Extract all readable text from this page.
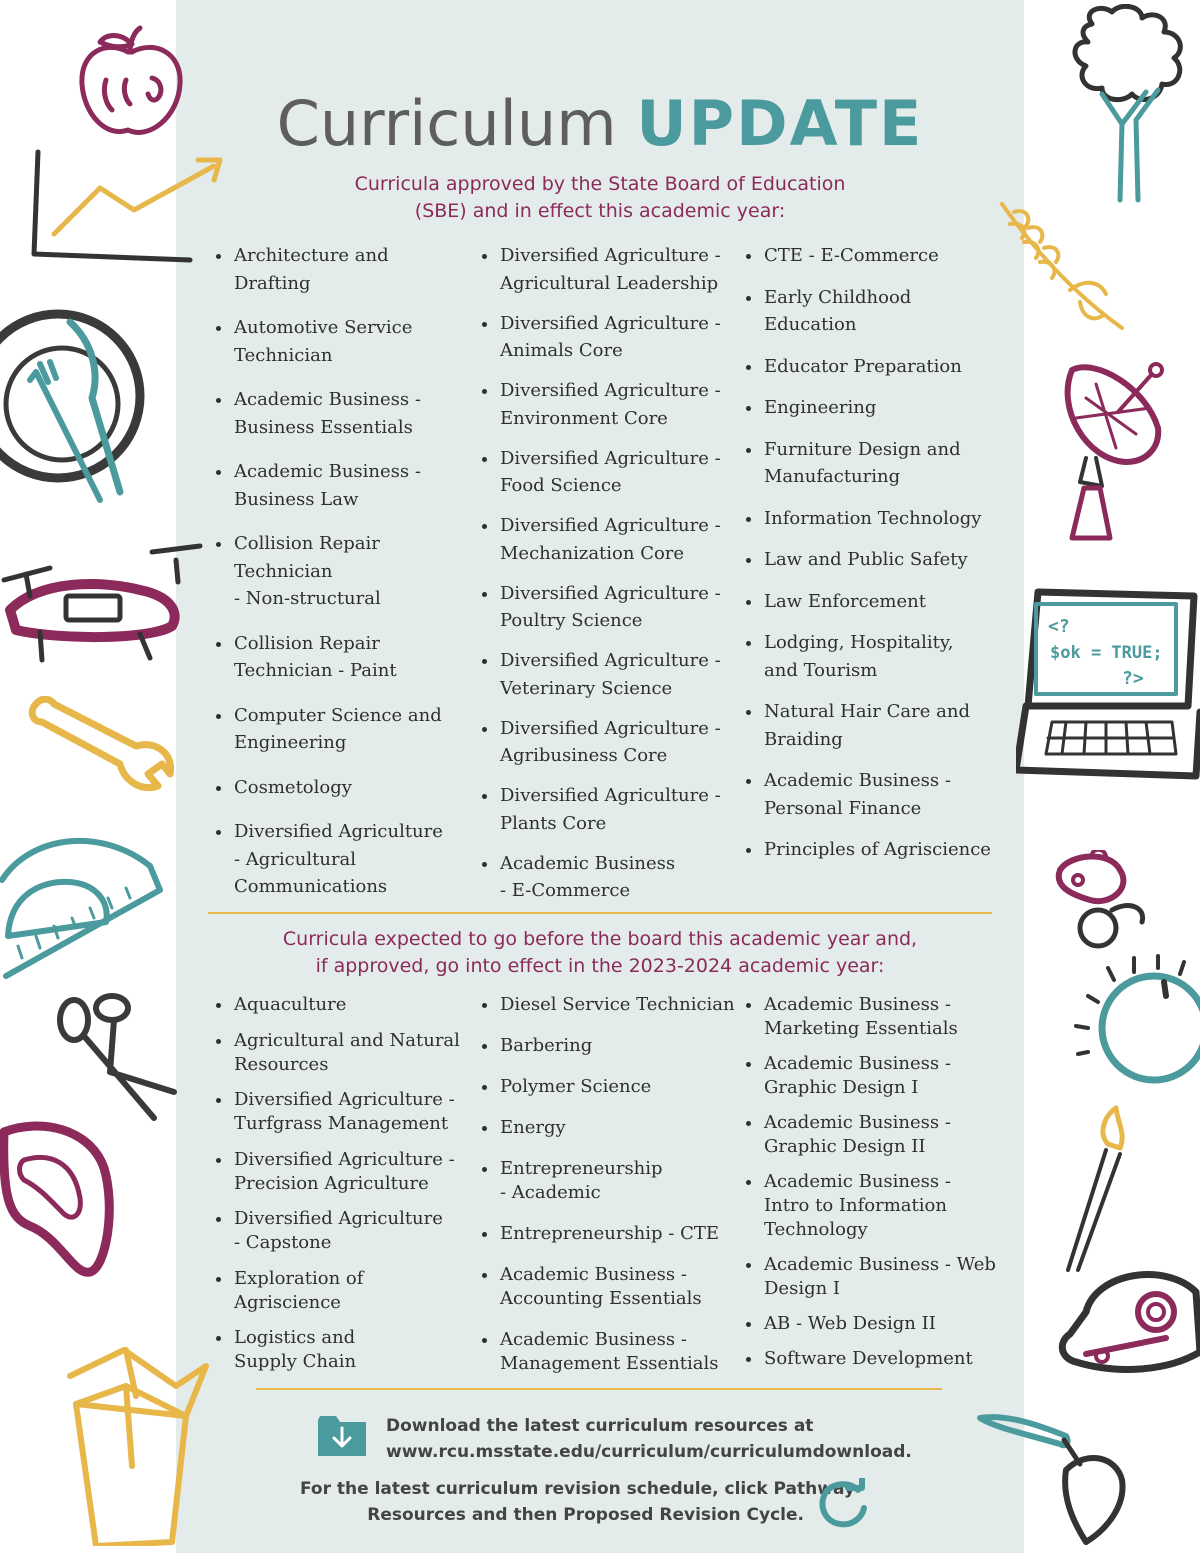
<?
$ok = TRUE;
?>
Curriculum UPDATE
Curricula approved by the State Board of Education
(SBE) and in effect this academic year:
Architecture and
Drafting
Automotive Service
Technician
Academic Business -
Business Essentials
Academic Business -
Business Law
Collision Repair
Technician
- Non-structural
Collision Repair
Technician - Paint
Computer Science and
Engineering
Cosmetology
Diversified Agriculture
- Agricultural
Communications
Diversified Agriculture -
Agricultural Leadership
Diversified Agriculture -
Animals Core
Diversified Agriculture -
Environment Core
Diversified Agriculture -
Food Science
Diversified Agriculture -
Mechanization Core
Diversified Agriculture -
Poultry Science
Diversified Agriculture -
Veterinary Science
Diversified Agriculture -
Agribusiness Core
Diversified Agriculture -
Plants Core
Academic Business
- E-Commerce
CTE - E-Commerce
Early Childhood
Education
Educator Preparation
Engineering
Furniture Design and
Manufacturing
Information Technology
Law and Public Safety
Law Enforcement
Lodging, Hospitality,
and Tourism
Natural Hair Care and
Braiding
Academic Business -
Personal Finance
Principles of Agriscience
Curricula expected to go before the board this academic year and,
if approved, go into effect in the 2023-2024 academic year:
Aquaculture
Agricultural and Natural
Resources
Diversified Agriculture -
Turfgrass Management
Diversified Agriculture -
Precision Agriculture
Diversified Agriculture
- Capstone
Exploration of
Agriscience
Logistics and
Supply Chain
Diesel Service Technician
Barbering
Polymer Science
Energy
Entrepreneurship
- Academic
Entrepreneurship - CTE
Academic Business -
Accounting Essentials
Academic Business -
Management Essentials
Academic Business -
Marketing Essentials
Academic Business -
Graphic Design I
Academic Business -
Graphic Design II
Academic Business -
Intro to Information
Technology
Academic Business - Web
Design I
AB - Web Design II
Software Development
Download the latest curriculum resources at
www.rcu.msstate.edu/curriculum/curriculumdownload.
For the latest curriculum revision schedule, click Pathway
Resources and then Proposed Revision Cycle.
